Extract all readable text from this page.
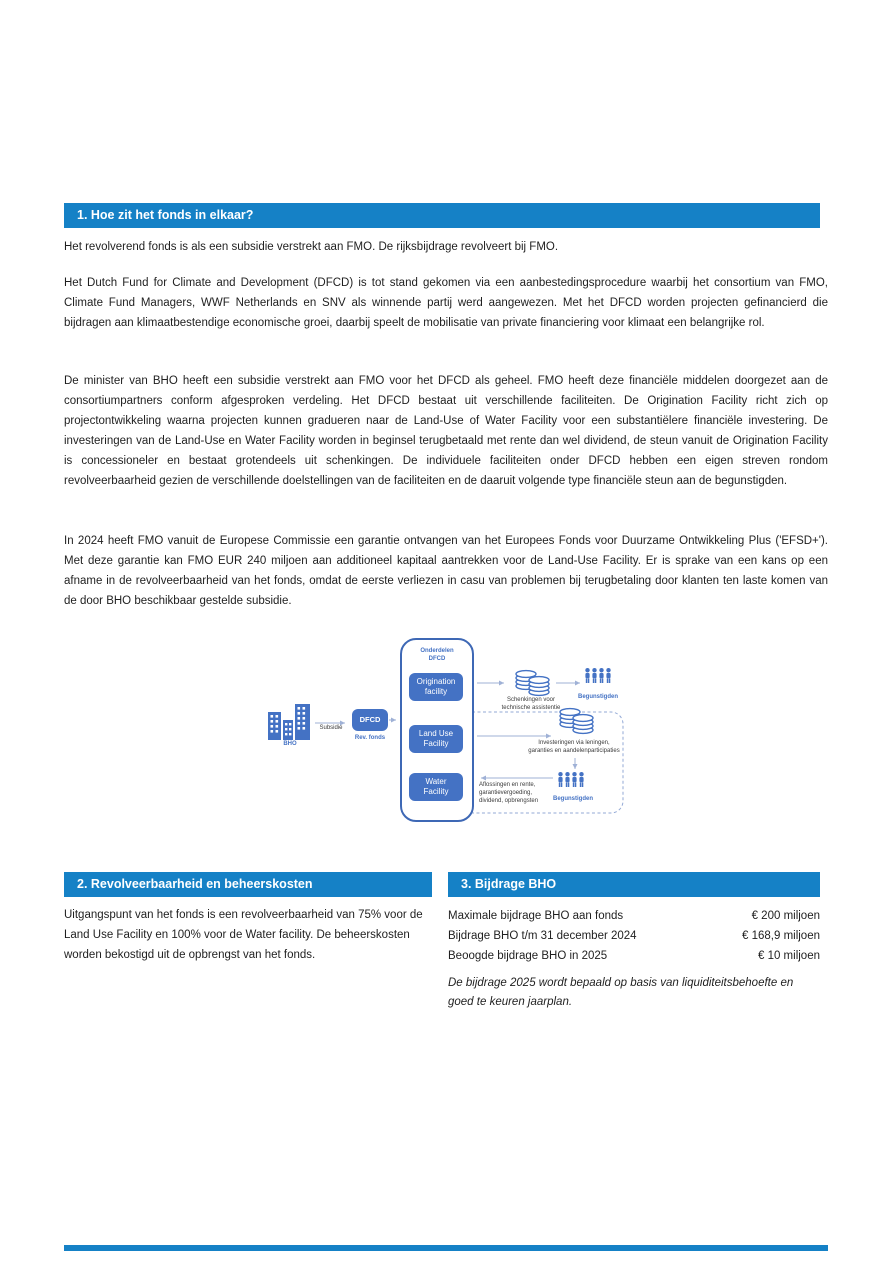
1. Hoe zit het fonds in elkaar?
Het revolverend fonds is als een subsidie verstrekt aan FMO. De rijksbijdrage revolveert bij FMO.
Het Dutch Fund for Climate and Development (DFCD) is tot stand gekomen via een aanbestedingsprocedure waarbij het consortium van FMO, Climate Fund Managers, WWF Netherlands en SNV als winnende partij werd aangewezen. Met het DFCD worden projecten gefinancierd die bijdragen aan klimaatbestendige economische groei, daarbij speelt de mobilisatie van private financiering voor klimaat een belangrijke rol.
De minister van BHO heeft een subsidie verstrekt aan FMO voor het DFCD als geheel. FMO heeft deze financiële middelen doorgezet aan de consortiumpartners conform afgesproken verdeling. Het DFCD bestaat uit verschillende faciliteiten. De Origination Facility richt zich op projectontwikkeling waarna projecten kunnen gradueren naar de Land-Use of Water Facility voor een substantiëlere financiële investering. De investeringen van de Land-Use en Water Facility worden in beginsel terugbetaald met rente dan wel dividend, de steun vanuit de Origination Facility is concessioneler en bestaat grotendeels uit schenkingen. De individuele faciliteiten onder DFCD hebben een eigen streven rondom revolveerbaarheid gezien de verschillende doelstellingen van de faciliteiten en de daaruit volgende type financiële steun aan de begunstigden.
In 2024 heeft FMO vanuit de Europese Commissie een garantie ontvangen van het Europees Fonds voor Duurzame Ontwikkeling Plus ('EFSD+'). Met deze garantie kan FMO EUR 240 miljoen aan additioneel kapitaal aantrekken voor de Land-Use Facility. Er is sprake van een kans op een afname in de revolveerbaarheid van het fonds, omdat de eerste verliezen in casu van problemen bij terugbetaling door klanten ten laste komen van de door BHO beschikbaar gestelde subsidie.
BHO
Subsidie
DFCD
Rev. fonds
Onderdelen
DFCD
Origination
facility
Land Use
Facility
Water
Facility
Schenkingen voor
technische assistentie
Begunstigden
Investeringen via leningen,
garanties en aandelenparticipaties
Aflossingen en rente,
garantievergoeding,
dividend, opbrengsten	Begunstigden
2. Revolveerbaarheid en beheerskosten
Uitgangspunt van het fonds is een revolveerbaarheid van 75% voor de Land Use Facility en 100% voor de Water facility. De beheerskosten worden bekostigd uit de opbrengst van het fonds.
3. Bijdrage BHO
Maximale bijdrage BHO aan fonds	€ 200 miljoen
Bijdrage BHO t/m 31 december 2024	€ 168,9 miljoen
Beoogde bijdrage BHO in 2025	€ 10 miljoen
De bijdrage 2025 wordt bepaald op basis van liquiditeitsbehoefte en goed te keuren jaarplan.
